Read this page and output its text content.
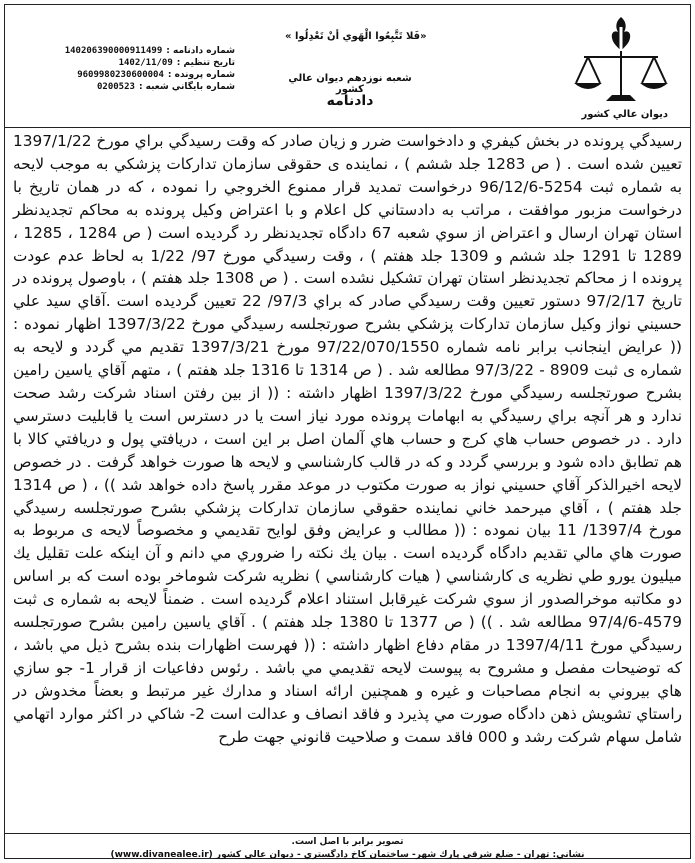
شماره دادنامه :
140206390000911499
تاريخ تنظيم :
1402/11/09
شماره پرونده :
9609980230600004
شماره بايگاني شعبه :
0200523
«فَلا تَتَّبِعُوا الْهَوي أنْ تَعْدِلُوا »
شعبه نوزدهم ديوان عالي كشور
دادنامه
ديوان عالي كشور

رسيدگي پرونده در بخش كيفري و دادخواست ضرر و زيان صادر كه وقت رسيدگي براي مورخ 1397/1/22 تعيين شده است . ( ص 1283 جلد ششم ) ، نماينده ی حقوقی سازمان تداركات پزشكي به موجب لايحه به شماره ثبت 5254-96/12/6 درخواست تمديد قرار ممنوع الخروجي را نموده ، كه در همان تاريخ با درخواست مزبور موافقت ، مراتب به دادستاني كل اعلام و با اعتراض وكيل پرونده به محاكم تجديدنظر استان تهران ارسال و اعتراض از سوي شعبه 67 دادگاه تجديدنظر رد گرديده است ( ص 1284 ، 1285 ، 1289 تا 1291 جلد ششم و 1309 جلد هفتم ) ، وقت رسيدگي مورخ 97/ 1/22 به لحاظ عدم عودت پرونده ا ز محاكم تجديدنظر استان تهران تشكيل نشده است . ( ص 1308 جلد هفتم ) ، باوصول پرونده در تاريخ 97/2/17 دستور تعيين وقت رسيدگي صادر كه براي 97/3/ 22 تعيين گرديده است .آقاي سيد علي حسيني نواز وكيل سازمان تداركات پزشكي بشرح صورتجلسه رسيدگي مورخ 1397/3/22 اظهار نموده : (( عرايض اينجانب برابر نامه شماره 97/22/070/1550 مورخ 1397/3/21 تقديم مي گردد و لايحه به شماره ی ثبت 8909 - 97/3/22 مطالعه شد . ( ص 1314 تا 1316 جلد هفتم ) ، متهم آقاي ياسين رامين بشرح صورتجلسه رسيدگي مورخ 1397/3/22 اظهار داشته : (( از بين رفتن اسناد شركت رشد صحت ندارد و هر آنچه براي رسيدگي به ابهامات پرونده مورد نياز است يا در دسترس است يا قابليت دسترسي دارد . در خصوص حساب هاي كرج و حساب هاي آلمان اصل بر اين است ، دريافتي پول و دريافتي كالا با هم تطابق داده شود و بررسي گردد و كه در قالب كارشناسي و لايحه ها صورت خواهد گرفت . در خصوص لايحه اخيرالذكر آقاي حسيني نواز به صورت مكتوب در موعد مقرر پاسخ داده خواهد شد )) ، ( ص 1314 جلد هفتم ) ، آقاي ميرحمد خاني نماينده حقوقي سازمان تداركات پزشكي بشرح صورتجلسه رسيدگي مورخ 1397/4/ 11 بيان نموده : (( مطالب و عرايض وفق لوايح تقديمي و مخصوصاً لايحه ی مربوط به صورت هاي مالي تقديم دادگاه گرديده است . بيان يك نكته را ضروري مي دانم و آن اينكه علت تقليل يك ميليون يورو طي نظريه ی كارشناسي ( هيات كارشناسي ) نظريه شركت شوماخر بوده است كه بر اساس دو مكاتبه موخرالصدور از سوي شركت غيرقابل استناد اعلام گرديده است . ضمناً لايحه به شماره ی ثبت 4579-97/4/6 مطالعه شد . )) ( ص 1377 تا 1380 جلد هفتم ) . آقاي ياسين رامين بشرح صورتجلسه رسيدگي مورخ 1397/4/11 در مقام دفاع اظهار داشته : (( فهرست اظهارات بنده بشرح ذيل مي باشد ، كه توضيحات مفصل و مشروح به پيوست لايحه تقديمي مي باشد . رئوس دفاعيات از قرار 1- جو سازي هاي بيروني به انجام مصاحبات و غيره و همچنين ارائه اسناد و مدارك غير مرتبط و بعضاً مخدوش در راستاي تشويش ذهن دادگاه صورت مي پذيرد و فاقد انصاف و عدالت است 2- شاكي در اكثر موارد اتهامي شامل سهام شركت رشد و 000 فاقد سمت و صلاحيت قانوني جهت طرح

تصوير برابر با اصل است.
نشاني: تهران - ضلع شرقي پارك شهر- ساختمان كاخ دادگستري - ديوان عالي كشور (www.divanealee.ir)
